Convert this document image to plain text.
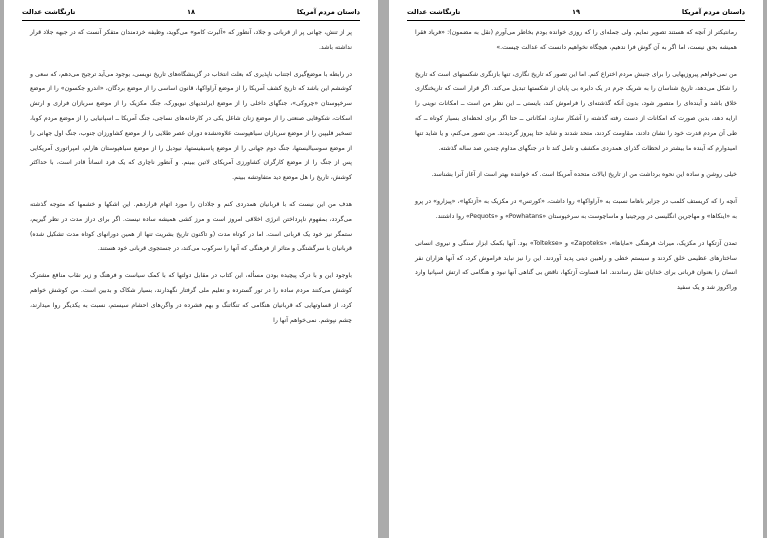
داستان مردم آمریکا
۱۸
تارنگاشت عدالت

پر از تنش، جهانی پر از قربانی و جلاد، آنطور که «آلبرت کامو» می‌گوید، وظیفه خردمندان متفکر آنست که در جبهه جلاد قرار نداشته باشد.

در رابطه با موضع‌گیری اجتناب ناپذیری که بعلت انتخاب در گزینشگاه‌های تاریخ نویسی، بوجود می‌آید ترجیح می‌دهم، که سعی و کوششم این باشد که تاریخ کشف آمریکا را از موضع آراواکها، قانون اساسی را از موضع بردگان، «اندرو جکسون» را از موضع سرخپوستان «چروکی»، جنگهای داخلی را از موضع ایرلندیهای نیویورک، جنگ مکزیک را از موضع سربازان فراری و ارتش اسکات، شکوفایی صنعتی را از موضع زنان شاغل یکی در کارخانه‌های نساجی، جنگ آمریکا ــ اسپانیایی را از موضع مردم کوبا، تسخیر فلیپین را از موضع سربازان سیاهپوست علاوه‌نشده دوران عصر طلایی را از موضع کشاورزان جنوب، جنگ اول جهانی را از موضع سوسیالیستها، جنگ دوم جهانی را از موضع پاسیفیستها، نیودیل را از موضع سیاهپوستان هارلم، امپراتوری آمریکایی پس از جنگ را از موضع کارگران کشاورزی آمریکای لاتین ببینم. و آنطور ناچاری که یک فرد انسانأ قادر است، با حداکثر کوشش، تاریخ را هل موضع دید متفاوتشه ببینم.

هدف من این نیست که با قربانیان همدردی کنم و جلادان را مورد اتهام قراردهم. این اشکها و خشمها که متوجه گذشته می‌گردد، بمفهوم ناپرداختن انرژی اخلاقی امروز است و مرز کشی همیشه ساده نیست. اگر برای دراز مدت در نظر گیریم، ستمگر نیز خود یک قربانی است. اما در کوتاه مدت (و تاکنون تاریخ بشریت تنها از همین دورانهای کوتاه مدت تشکیل شده) قربانیان با سرگشتگی و متاثر از فرهنگی که آنها را سرکوب می‌کند، در جستجوی قربانی خود هستند.

باوجود این و با درک پیچیده بودن مسأله، این کتاب در مقابل دولتها که با کمک سیاست و فرهنگ و زیر نقاب منافع مشترک کوشش می‌کنند مردم ساده را در تور گسترده و تعلیم ملی گرفتار نگهدارند، بسیار شکاک و بدبین است. من کوشش خواهم کرد، از قساوتهایی که قربانیان هنگامی که تنگاتنگ و بهم فشرده در واگن‌های احشام سیستم، نسبت به یکدیگر روا میدارند، چشم نپوشم. نمی‌خواهم آنها را

داستان مردم آمریکا
۱۹
تارنگاشت عدالت

رمانتیکتر از آنچه که هستند تصویر نمایم. ولی جمله‌ای را که روزی خوانده بودم بخاطر می‌آورم (نقل به مضمون): «فریاد فقرا همیشه بحق نیست، اما اگر به آن گوش فرا ندهیم، هیچگاه نخواهیم دانست که عدالت چیست.»

من نمی‌خواهم پیروزیهایی را برای جنبش مردم اختراع کنم. اما این تصور که تاریخ نگاری، تنها بازنگری شکستهای است که تاریخ را شکل می‌دهد، تاریخ شناسان را به شریک جرم در یک دایره بی پایان از شکستها تبدیل می‌کند. اگر قرار است که تاریخنگاری خلاق باشد و آینده‌ای را متصور شود، بدون آنکه گذشته‌ای را فراموش کند، بایستی ــ این نظر من است ــ امکانات نوینی را ارایه دهد، بدین صورت که امکانات از دست رفته گذشته را آشکار سازد، امکاناتی ــ حتا اگر برای لحظه‌ای بسیار کوتاه ــ که طی آن مردم قدرت خود را نشان دادند، مقاومت کردند، متحد شدند و شاید حتا پیروز گردیدند. من تصور می‌کنم، و یا شاید تنها امیدوارم که آینده ما بیشتر در لحظات گذرای همدردی مکشف و تامل کند تا در جنگهای مداوم چندین صد ساله گذشته.

خیلی روشن و ساده این نحوه برداشت من از تاریخ ایالات متحده آمریکا است. که خواننده بهتر است از آغاز آنرا بشناسد.

آنچه را که کریستف کلمب در جزایر باهاما نسبت به «آراواکها» روا داشت، «کورتس» در مکزیک به «آزتکها»، «پیزارو» در پرو به «اینکاها» و مهاجرین انگلیسی در ویرجینیا و ماساچوست به سرخپوستان «Powhatans» و «Pequots» روا داشتند.

تمدن آزتکها در مکزیک، میراث فرهنگی «مایاها»، «Zapoteks» و «Toltekse» بود. آنها بکمک ابزار سنگی و نیروی انسانی ساختارهای عظیمی خلق کردند و سیستم خطی و راهبین دینی پدید آوردند. این را نیز نباید فراموش کرد، که آنها هزاران نفر انسان را بعنوان قربانی برای خدایان نقل رساندند. اما قساوت آزتکها، ناقض بی گناهی آنها نبود و هنگامی که ارتش اسپانیا وارد وراکروز شد و یک سفید
